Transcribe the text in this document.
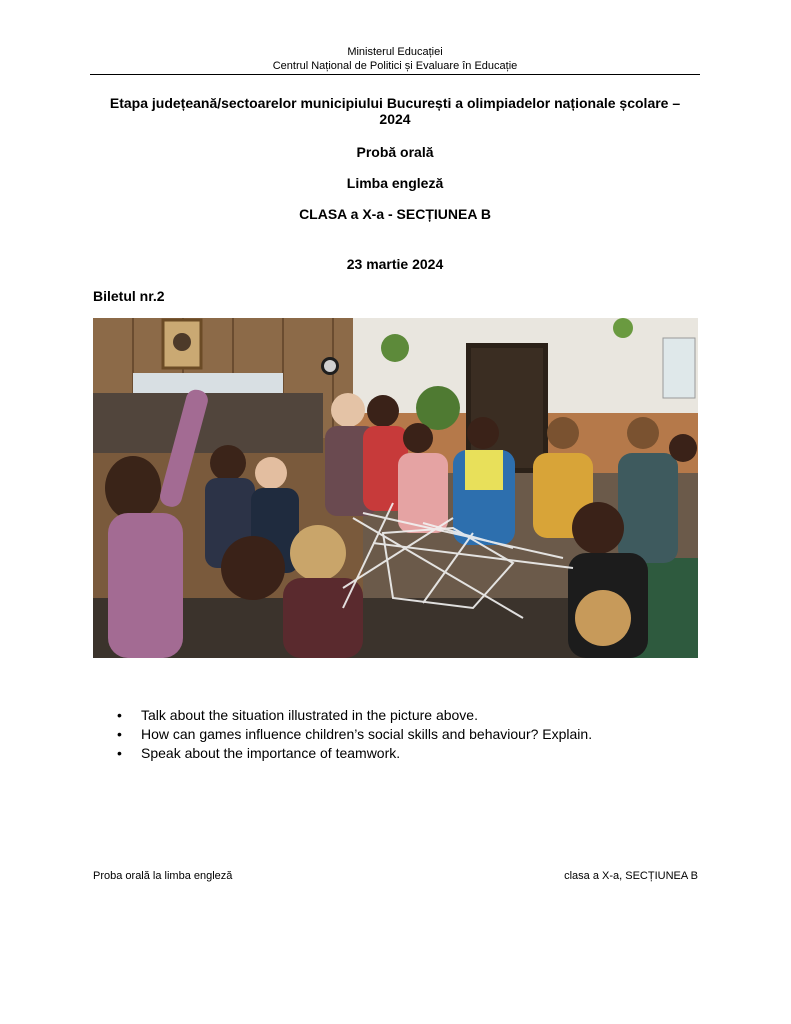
Ministerul Educației
Centrul Național de Politici și Evaluare în Educație
Etapa județeană/sectoarelor municipiului București a olimpiadelor naționale școlare – 2024
Probă orală
Limba engleză
CLASA a X-a - SECȚIUNEA B
23 martie 2024
Biletul nr.2
• Talk about the situation illustrated in the picture above.
• How can games influence children’s social skills and behaviour? Explain.
• Speak about the importance of teamwork.
Proba orală la limba engleză	clasa a X-a, SECȚIUNEA B
